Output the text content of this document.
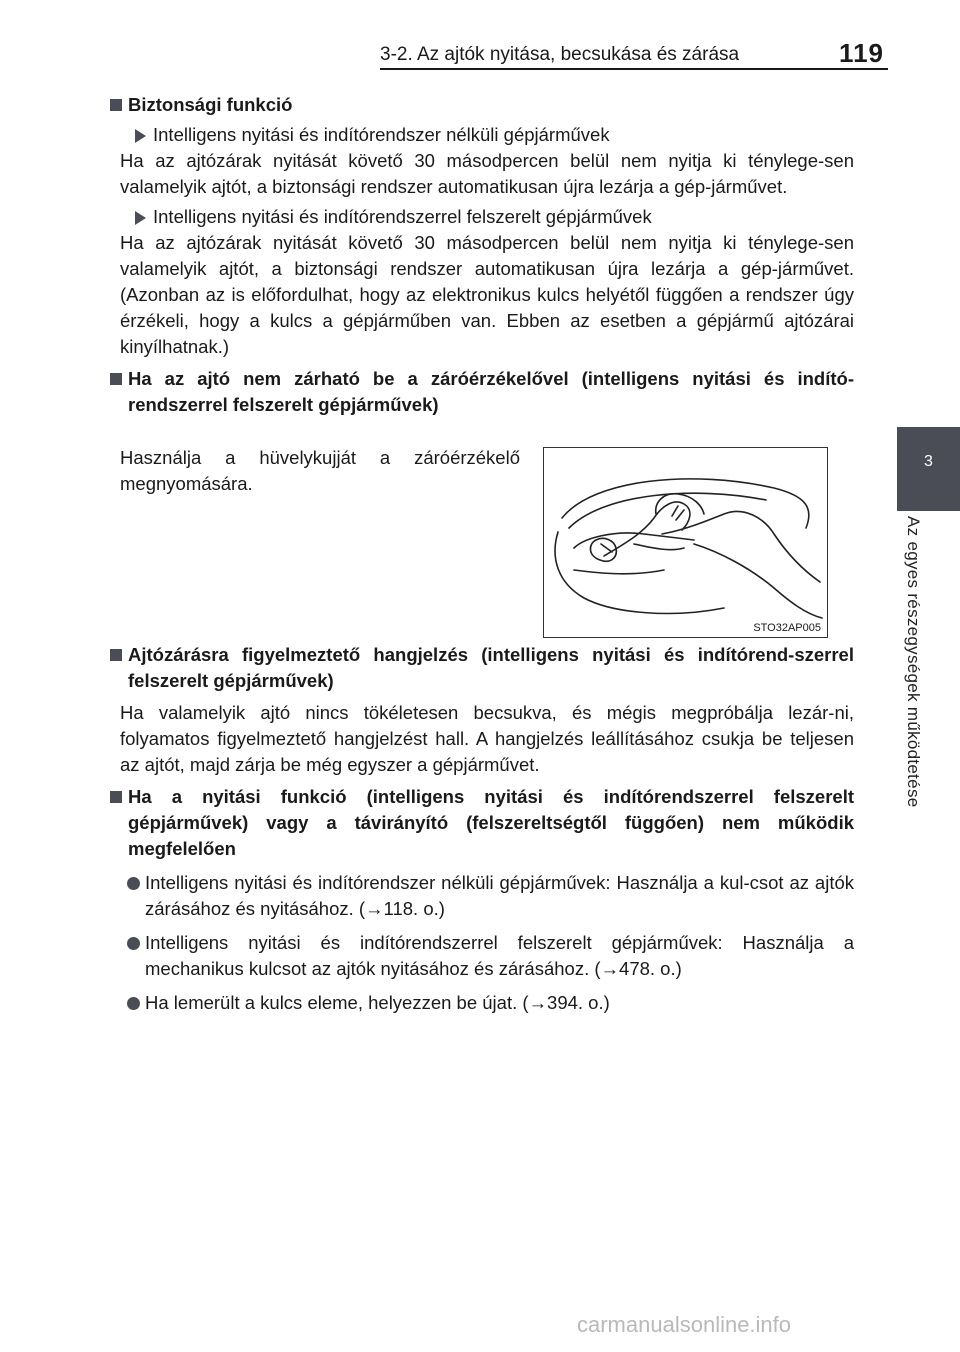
3-2. Az ajtók nyitása, becsukása és zárása	119
3
Az egyes részegységek működtetése
Biztonsági funkció
Intelligens nyitási és indítórendszer nélküli gépjárművek
Ha az ajtózárak nyitását követő 30 másodpercen belül nem nyitja ki ténylege-sen valamelyik ajtót, a biztonsági rendszer automatikusan újra lezárja a gép-járművet.
Intelligens nyitási és indítórendszerrel felszerelt gépjárművek
Ha az ajtózárak nyitását követő 30 másodpercen belül nem nyitja ki ténylege-sen valamelyik ajtót, a biztonsági rendszer automatikusan újra lezárja a gép-járművet. (Azonban az is előfordulhat, hogy az elektronikus kulcs helyétől függően a rendszer úgy érzékeli, hogy a kulcs a gépjárműben van. Ebben az esetben a gépjármű ajtózárai kinyílhatnak.)
Ha az ajtó nem zárható be a záróérzékelővel (intelligens nyitási és indító-rendszerrel felszerelt gépjárművek)
Ajtózárásra figyelmeztető hangjelzés (intelligens nyitási és indítórend-szerrel felszerelt gépjárművek)
Ha valamelyik ajtó nincs tökéletesen becsukva, és mégis megpróbálja lezár-ni, folyamatos figyelmeztető hangjelzést hall. A hangjelzés leállításához csukja be teljesen az ajtót, majd zárja be még egyszer a gépjárművet.
Ha a nyitási funkció (intelligens nyitási és indítórendszerrel felszerelt gépjárművek) vagy a távirányító (felszereltségtől függően) nem működik megfelelően
Intelligens nyitási és indítórendszer nélküli gépjárművek: Használja a kul-csot az ajtók zárásához és nyitásához. (→118. o.)
Intelligens nyitási és indítórendszerrel felszerelt gépjárművek: Használja a mechanikus kulcsot az ajtók nyitásához és zárásához. (→478. o.)
Ha lemerült a kulcs eleme, helyezzen be újat. (→394. o.)
Használja a hüvelykujját a záróérzékelő megnyomására.
STO32AP005
carmanualsonline.info
